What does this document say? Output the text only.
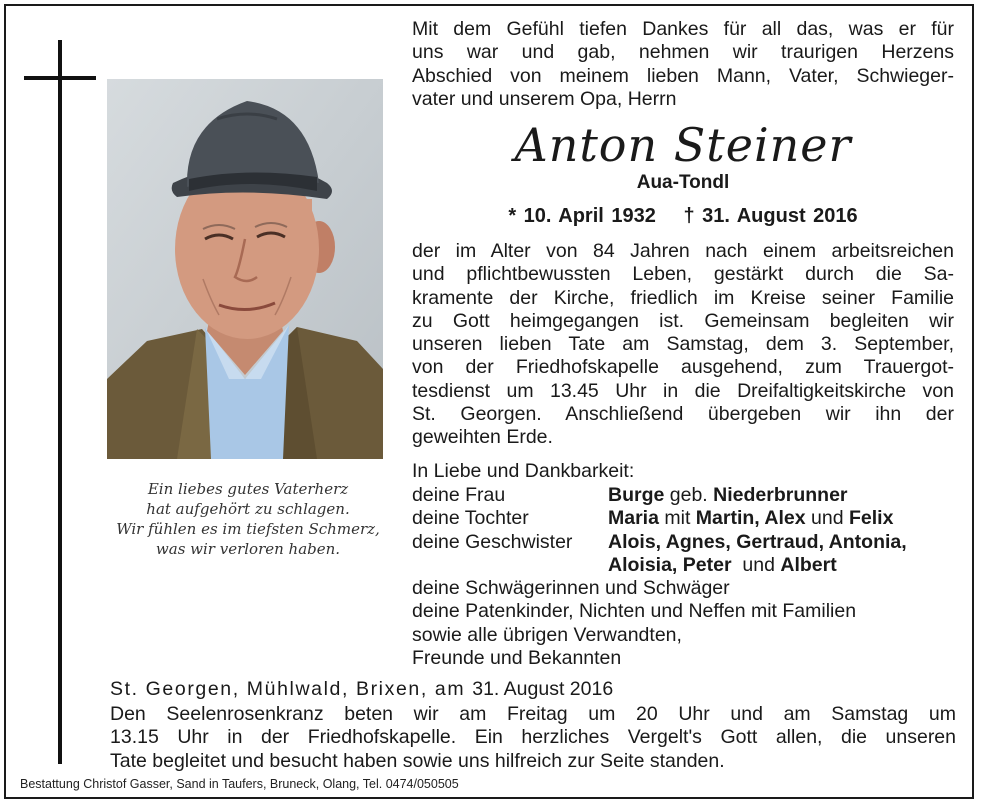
Ein liebes gutes Vaterherz
hat aufgehört zu schlagen.
Wir fühlen es im tiefsten Schmerz,
was wir verloren haben.
Mit dem Gefühl tiefen Dankes für all das, was er für
uns war und gab, nehmen wir traurigen Herzens
Abschied von meinem lieben Mann, Vater, Schwieger-
vater und unserem Opa, Herrn
Anton Steiner
Aua-Tondl
* 10. April 1932 † 31. August 2016
der im Alter von 84 Jahren nach einem arbeitsreichen
und pflichtbewussten Leben, gestärkt durch die Sa-
kramente der Kirche, friedlich im Kreise seiner Familie
zu Gott heimgegangen ist. Gemeinsam begleiten wir
unseren lieben Tate am Samstag, dem 3. September,
von der Friedhofskapelle ausgehend, zum Trauergot-
tesdienst um 13.45 Uhr in die Dreifaltigkeitskirche von
St. Georgen. Anschließend übergeben wir ihn der
geweihten Erde.
In Liebe und Dankbarkeit:
deine Frau	Burge geb. Niederbrunner
deine Tochter	Maria mit Martin, Alex und Felix
deine Geschwister Alois, Agnes, Gertraud, Antonia,
Aloisia, Peter  und Albert
deine Schwägerinnen und Schwäger
deine Patenkinder, Nichten und Neffen mit Familien
sowie alle übrigen Verwandten,
Freunde und Bekannten
St. Georgen, Mühlwald, Brixen, am 31. August 2016
Den Seelenrosenkranz beten wir am Freitag um 20 Uhr und am Samstag um
13.15 Uhr in der Friedhofskapelle. Ein herzliches Vergelt's Gott allen, die unseren
Tate begleitet und besucht haben sowie uns hilfreich zur Seite standen.
Bestattung Christof Gasser, Sand in Taufers, Bruneck, Olang, Tel. 0474/050505
